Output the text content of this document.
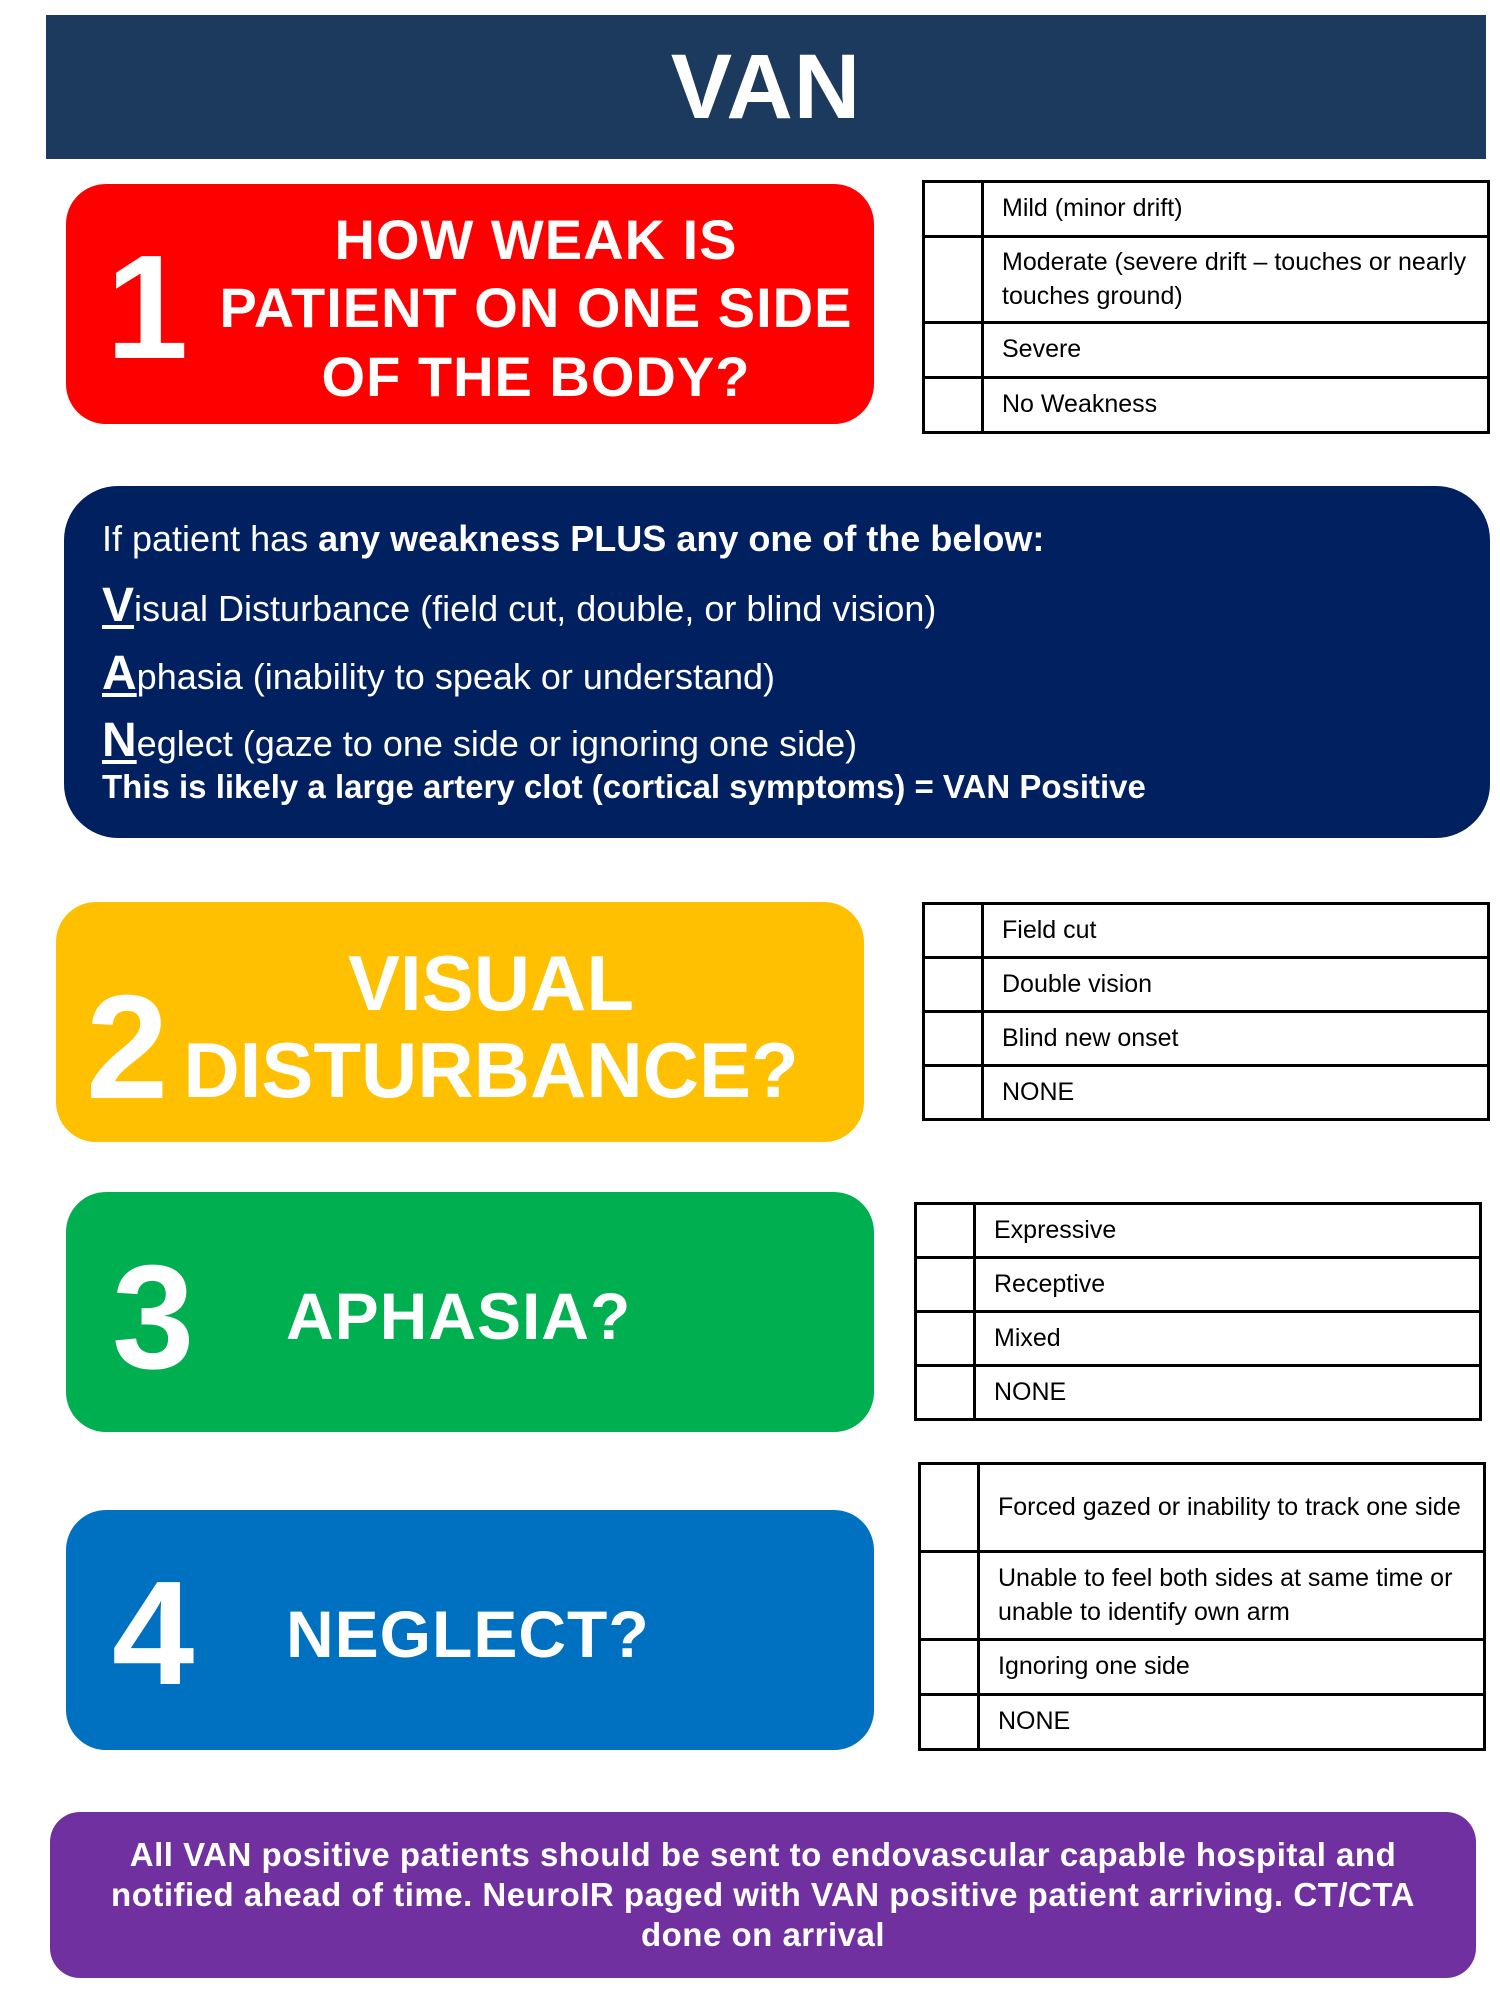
VAN
1	HOW WEAK IS PATIENT ON ONE SIDE OF THE BODY?
Mild (minor drift)
Moderate (severe drift – touches or nearly touches ground)
Severe
No Weakness
If patient has any weakness PLUS any one of the below:
Visual Disturbance (field cut, double, or blind vision)
Aphasia (inability to speak or understand)
Neglect (gaze to one side or ignoring one side)
This is likely a large artery clot (cortical symptoms) = VAN Positive
2	VISUAL DISTURBANCE?
Field cut
Double vision
Blind new onset
NONE
3 APHASIA?
Expressive
Receptive
Mixed
NONE
4 NEGLECT?
Forced gazed or inability to track one side
Unable to feel both sides at same time or unable to identify own arm
Ignoring one side
NONE
All VAN positive patients should be sent to endovascular capable hospital and notified ahead of time. NeuroIR paged with VAN positive patient arriving. CT/CTA done on arrival
